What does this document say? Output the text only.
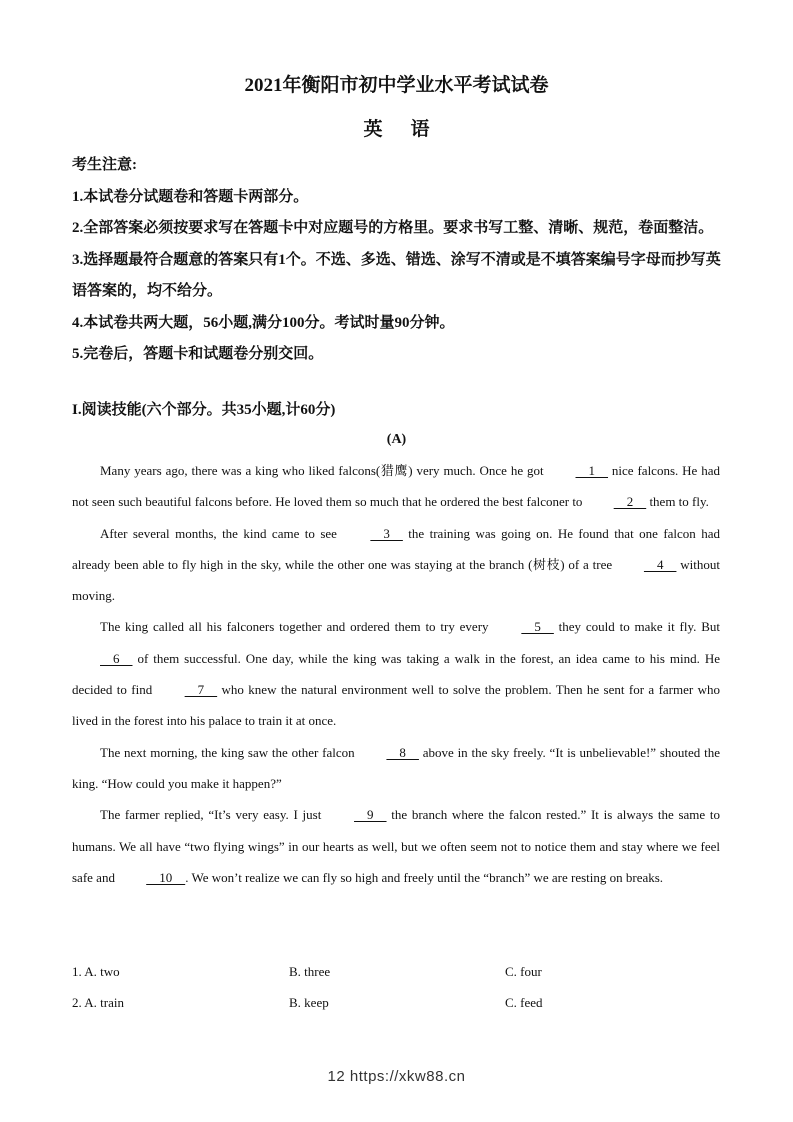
2021年衡阳市初中学业水平考试试卷
英语
考生注意:
1.本试卷分试题卷和答题卡两部分。
2.全部答案必须按要求写在答题卡中对应题号的方格里。要求书写工整、清晰、规范，卷面整洁。
3.选择题最符合题意的答案只有1个。不选、多选、错选、涂写不清或是不填答案编号字母而抄写英语答案的，均不给分。
4.本试卷共两大题，56小题,满分100分。考试时量90分钟。
5.完卷后，答题卡和试题卷分别交回。
I.阅读技能(六个部分。共35小题,计60分)
(A)

Many years ago, there was a king who liked falcons(猎鹰) very much. Once he got     1     nice falcons. He had not seen such beautiful falcons before. He loved them so much that he ordered the best falconer to     2     them to fly.

After several months, the kind came to see     3     the training was going on. He found that one falcon had already been able to fly high in the sky, while the other one was staying at the branch (树枝) of a tree     4     without moving.

The king called all his falconers together and ordered them to try every     5     they could to make it fly. But     6     of them successful. One day, while the king was taking a walk in the forest, an idea came to his mind. He decided to find     7     who knew the natural environment well to solve the problem. Then he sent for a farmer who lived in the forest into his palace to train it at once.

The next morning, the king saw the other falcon     8     above in the sky freely. “It is unbelievable!” shouted the king. “How could you make it happen?”

The farmer replied, “It’s very easy. I just     9     the branch where the falcon rested.” It is always the same to humans. We all have “two flying wings” in our hearts as well, but we often seem not to notice them and stay where we feel safe and     10    . We won’t realize we can fly so high and freely until the “branch” we are resting on breaks.

1. A. two	B. three	C. four
2. A. train	B. keep	C. feed
12 https://xkw88.cn
